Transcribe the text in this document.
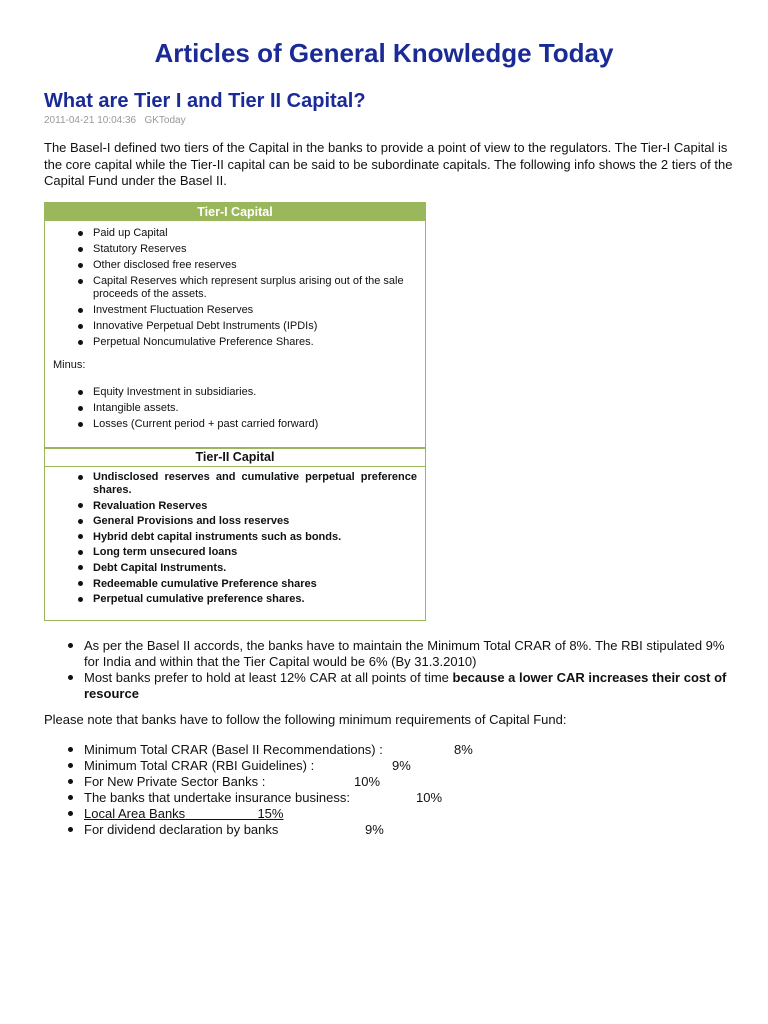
Articles of General Knowledge Today
What are Tier I and Tier II Capital?
2011-04-21 10:04:36 GKToday

The Basel-I defined two tiers of the Capital in the banks to provide a point of view to the regulators. The Tier-I Capital is the core capital while the Tier-II capital can be said to be subordinate capitals. The following info shows the 2 tiers of the Capital Fund under the Basel II.

Tier-I Capital
Paid up Capital
Statutory Reserves
Other disclosed free reserves
Capital Reserves which represent surplus arising out of the sale proceeds of the assets.
Investment Fluctuation Reserves
Innovative Perpetual Debt Instruments (IPDIs)
Perpetual Noncumulative Preference Shares.
Minus:
Equity Investment in subsidiaries.
Intangible assets.
Losses (Current period + past carried forward)
Tier-II Capital
Undisclosed reserves and cumulative perpetual preference shares.
Revaluation Reserves
General Provisions and loss reserves
Hybrid debt capital instruments such as bonds.
Long term unsecured loans
Debt Capital Instruments.
Redeemable cumulative Preference shares
Perpetual cumulative preference shares.
As per the Basel II accords, the banks have to maintain the Minimum Total CRAR of 8%. The RBI stipulated 9% for India and within that the Tier Capital would be 6% (By 31.3.2010)
Most banks prefer to hold at least 12% CAR at all points of time because a lower CAR increases their cost of resource

Please note that banks have to follow the following minimum requirements of Capital Fund:

Minimum Total CRAR (Basel II Recommendations) :	8%
Minimum Total CRAR (RBI Guidelines) :	9%
For New Private Sector Banks :	10%
The banks that undertake insurance business:	10%
Local Area Banks	15%
For dividend declaration by banks	9%
